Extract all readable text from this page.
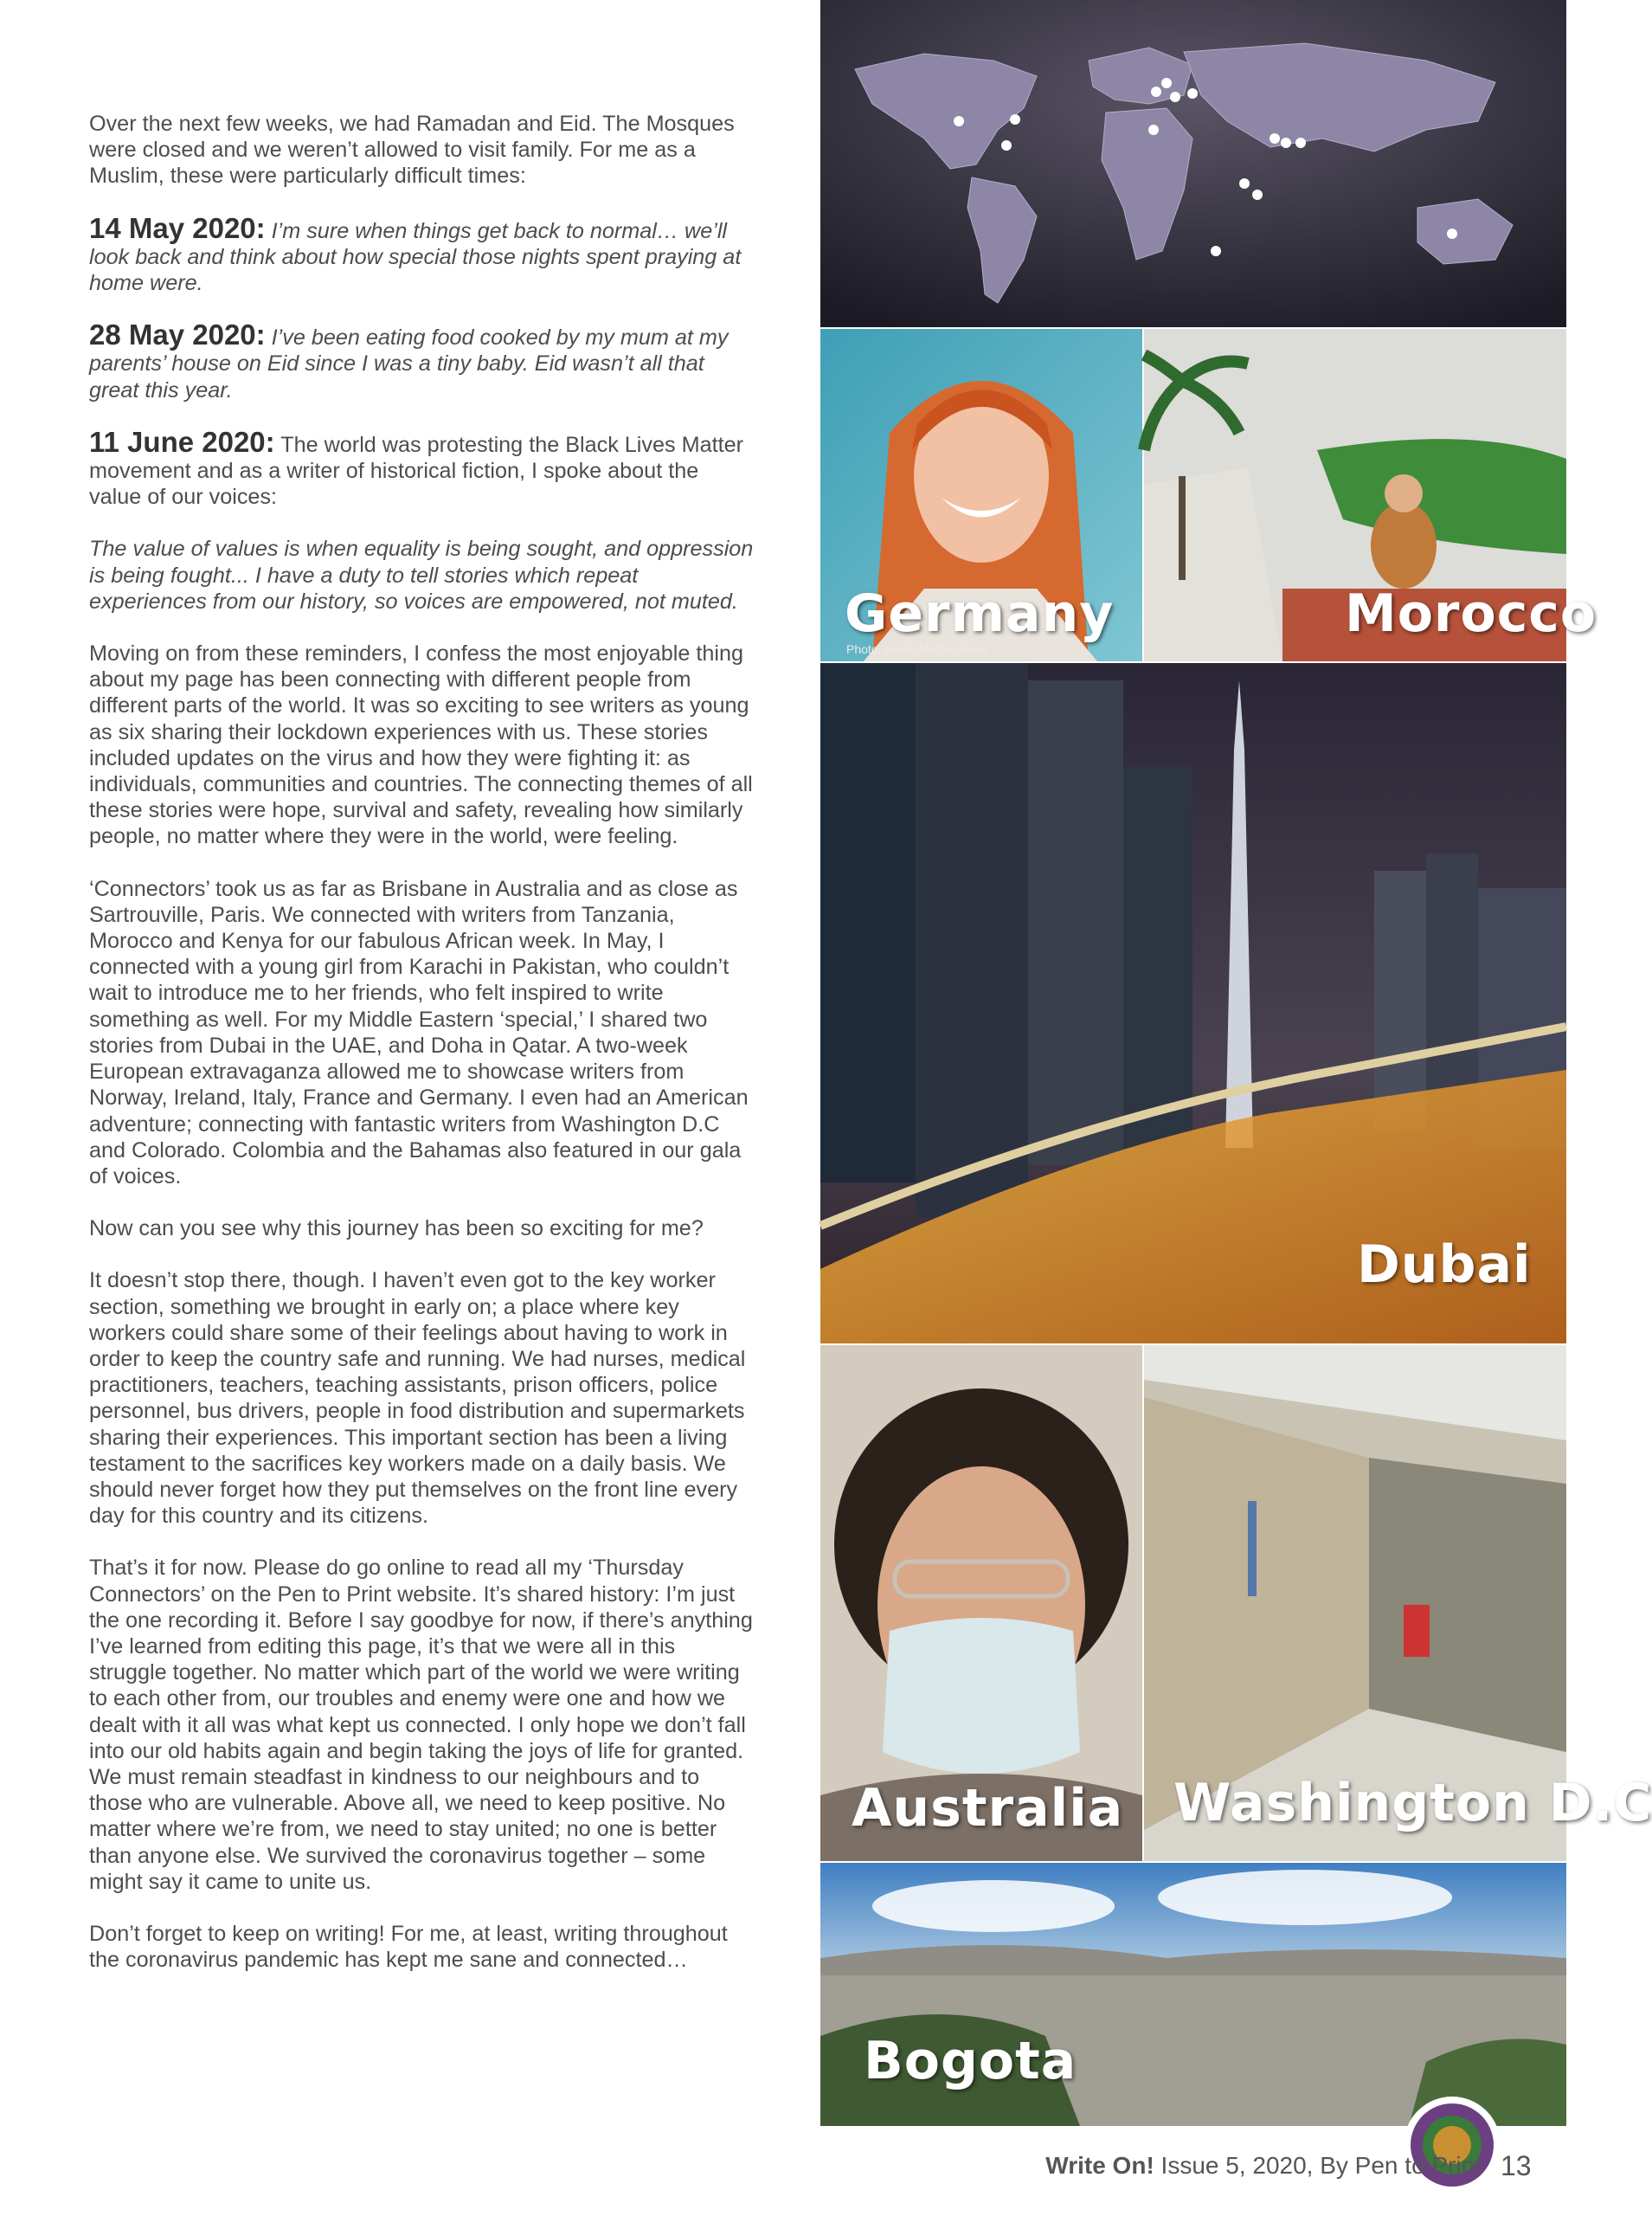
Over the next few weeks, we had Ramadan and Eid. The Mosques were closed and we weren’t allowed to visit family. For me as a Muslim, these were particularly difficult times:

14 May 2020: I’m sure when things get back to normal… we’ll look back and think about how special those nights spent praying at home were.

28 May 2020: I’ve been eating food cooked by my mum at my parents’ house on Eid since I was a tiny baby. Eid wasn’t all that great this year.

11 June 2020: The world was protesting the Black Lives Matter movement and as a writer of historical fiction, I spoke about the value of our voices:

The value of values is when equality is being sought, and oppression is being fought... I have a duty to tell stories which repeat experiences from our history, so voices are empowered, not muted.

Moving on from these reminders, I confess the most enjoyable thing about my page has been connecting with different people from different parts of the world. It was so exciting to see writers as young as six sharing their lockdown experiences with us. These stories included updates on the virus and how they were fighting it: as individuals, communities and countries. The connecting themes of all these stories were hope, survival and safety, revealing how similarly people, no matter where they were in the world, were feeling.

‘Connectors’ took us as far as Brisbane in Australia and as close as Sartrouville, Paris. We connected with writers from Tanzania, Morocco and Kenya for our fabulous African week. In May, I connected with a young girl from Karachi in Pakistan, who couldn’t wait to introduce me to her friends, who felt inspired to write something as well. For my Middle Eastern ‘special,’ I shared two stories from Dubai in the UAE, and Doha in Qatar. A two-week European extravaganza allowed me to showcase writers from Norway, Ireland, Italy, France and Germany. I even had an American adventure; connecting with fantastic writers from Washington D.C and Colorado. Colombia and the Bahamas also featured in our gala of voices.

Now can you see why this journey has been so exciting for me?

It doesn’t stop there, though. I haven’t even got to the key worker section, something we brought in early on; a place where key workers could share some of their feelings about having to work in order to keep the country safe and running. We had nurses, medical practitioners, teachers, teaching assistants, prison officers, police personnel, bus drivers, people in food distribution and supermarkets sharing their experiences. This important section has been a living testament to the sacrifices key workers made on a daily basis. We should never forget how they put themselves on the front line every day for this country and its citizens.

That’s it for now. Please do go online to read all my ‘Thursday Connectors’ on the Pen to Print website. It’s shared history: I’m just the one recording it. Before I say goodbye for now, if there’s anything I’ve learned from editing this page, it’s that we were all in this struggle together. No matter which part of the world we were writing to each other from, our troubles and enemy were one and how we dealt with it all was what kept us connected. I only hope we don’t fall into our old habits again and begin taking the joys of life for granted. We must remain steadfast in kindness to our neighbours and to those who are vulnerable. Above all, we need to keep positive. No matter where we’re from, we need to stay united; no one is better than anyone else. We survived the coronavirus together – some might say it came to unite us.

Don’t forget to keep on writing! For me, at least, writing throughout the coronavirus pandemic has kept me sane and connected…

Germany
Photo: Kevin McCutcheon
Morocco
Dubai
Australia Washington D.C
Bogota
Write On! Issue 5, 2020, By Pen to Print 13
